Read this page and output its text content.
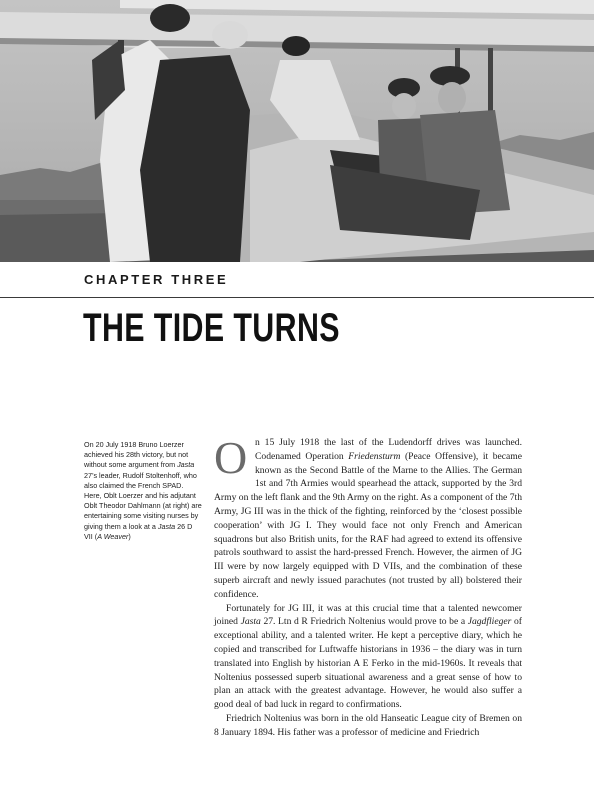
CHAPTER THREE
THE TIDE TURNS

On 20 July 1918 Bruno Loerzer achieved his 28th victory, but not without some argument from Jasta 27’s leader, Rudolf Stoltenhoff, who also claimed the French SPAD. Here, Oblt Loerzer and his adjutant Oblt Theodor Dahlmann (at right) are entertaining some visiting nurses by giving them a look at a Jasta 26 D VII (A Weaver)

O n 15 July 1918 the last of the Ludendorff drives was launched. Codenamed Operation Friedensturm (Peace Offensive), it became known as the Second Battle of the Marne to the Allies. The German 1st and 7th Armies would spearhead the attack, supported by the 3rd Army on the left flank and the 9th Army on the right. As a component of the 7th Army, JG III was in the thick of the fighting, reinforced by the ‘closest possible cooperation’ with JG I. They would face not only French and American squadrons but also British units, for the RAF had agreed to extend its offensive patrols southward to assist the hard-pressed French. However, the airmen of JG III were by now largely equipped with D VIIs, and the combination of these superb aircraft and newly issued parachutes (not trusted by all) bolstered their confidence.

Fortunately for JG III, it was at this crucial time that a talented newcomer joined Jasta 27. Ltn d R Friedrich Noltenius would prove to be a Jagdflieger of exceptional ability, and a talented writer. He kept a perceptive diary, which he copied and transcribed for Luftwaffe historians in 1936 – the diary was in turn translated into English by historian A E Ferko in the mid-1960s. It reveals that Noltenius possessed superb situational awareness and a great sense of how to plan an attack with the greatest advantage. However, he would also suffer a good deal of bad luck in regard to confirmations.

Friedrich Noltenius was born in the old Hanseatic League city of Bremen on 8 January 1894. His father was a professor of medicine and Friedrich
